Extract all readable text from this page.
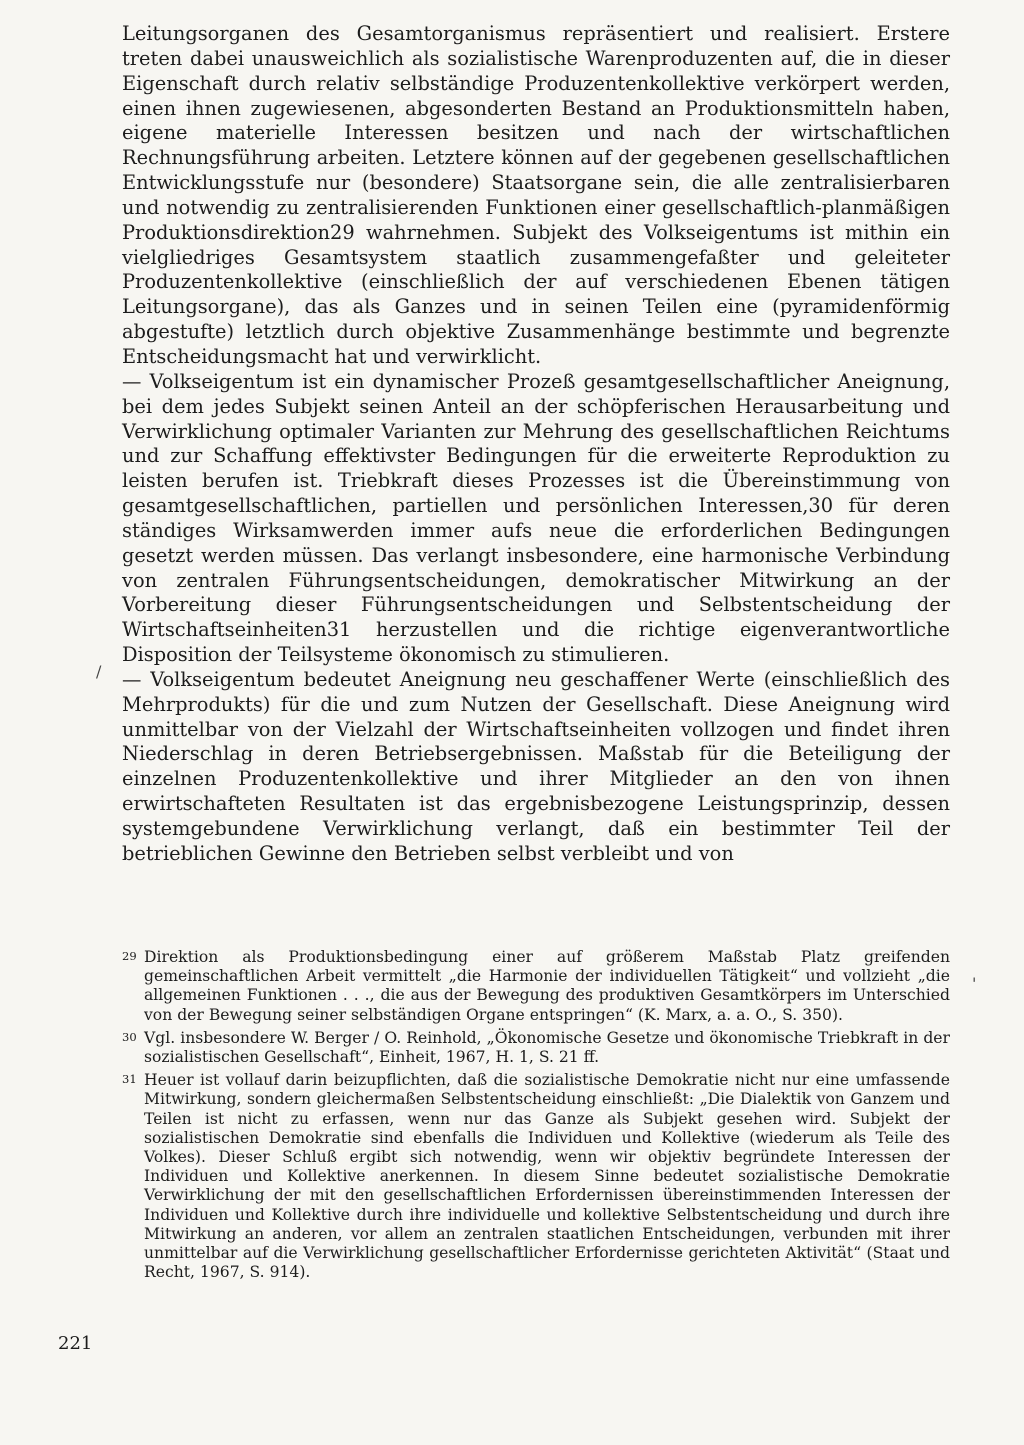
Leitungsorganen des Gesamtorganismus repräsentiert und realisiert. Erstere treten dabei unausweichlich als sozialistische Warenproduzenten auf, die in dieser Eigenschaft durch relativ selbständige Produzentenkollektive verkörpert werden, einen ihnen zugewiesenen, abgesonderten Bestand an Produktionsmitteln haben, eigene materielle Interessen besitzen und nach der wirtschaftlichen Rechnungsführung arbeiten. Letztere können auf der gegebenen gesellschaftlichen Entwicklungsstufe nur (besondere) Staatsorgane sein, die alle zentralisierbaren und notwendig zu zentralisierenden Funktionen einer gesellschaftlich-planmäßigen Produktionsdirektion29 wahrnehmen. Subjekt des Volkseigentums ist mithin ein vielgliedriges Gesamtsystem staatlich zusammengefaßter und geleiteter Produzentenkollektive (einschließlich der auf verschiedenen Ebenen tätigen Leitungsorgane), das als Ganzes und in seinen Teilen eine (pyramidenförmig abgestufte) letztlich durch objektive Zusammenhänge bestimmte und begrenzte Entscheidungsmacht hat und verwirklicht.

— Volkseigentum ist ein dynamischer Prozeß gesamtgesellschaftlicher Aneignung, bei dem jedes Subjekt seinen Anteil an der schöpferischen Herausarbeitung und Verwirklichung optimaler Varianten zur Mehrung des gesellschaftlichen Reichtums und zur Schaffung effektivster Bedingungen für die erweiterte Reproduktion zu leisten berufen ist. Triebkraft dieses Prozesses ist die Übereinstimmung von gesamtgesellschaftlichen, partiellen und persönlichen Interessen,30 für deren ständiges Wirksamwerden immer aufs neue die erforderlichen Bedingungen gesetzt werden müssen. Das verlangt insbesondere, eine harmonische Verbindung von zentralen Führungsentscheidungen, demokratischer Mitwirkung an der Vorbereitung dieser Führungsentscheidungen und Selbstentscheidung der Wirtschaftseinheiten31 herzustellen und die richtige eigenverantwortliche Disposition der Teilsysteme ökonomisch zu stimulieren.

— Volkseigentum bedeutet Aneignung neu geschaffener Werte (einschließlich des Mehrprodukts) für die und zum Nutzen der Gesellschaft. Diese Aneignung wird unmittelbar von der Vielzahl der Wirtschaftseinheiten vollzogen und findet ihren Niederschlag in deren Betriebsergebnissen. Maßstab für die Beteiligung der einzelnen Produzentenkollektive und ihrer Mitglieder an den von ihnen erwirtschafteten Resultaten ist das ergebnisbezogene Leistungsprinzip, dessen systemgebundene Verwirklichung verlangt, daß ein bestimmter Teil der betrieblichen Gewinne den Betrieben selbst verbleibt und von

/
'
29 Direktion als Produktionsbedingung einer auf größerem Maßstab Platz greifenden gemeinschaftlichen Arbeit vermittelt „die Harmonie der individuellen Tätigkeit“ und vollzieht „die allgemeinen Funktionen . . ., die aus der Bewegung des produktiven Gesamtkörpers im Unterschied von der Bewegung seiner selbständigen Organe entspringen“ (K. Marx, a. a. O., S. 350).
30 Vgl. insbesondere W. Berger / O. Reinhold, „Ökonomische Gesetze und ökonomische Triebkraft in der sozialistischen Gesellschaft“, Einheit, 1967, H. 1, S. 21 ff.
31 Heuer ist vollauf darin beizupflichten, daß die sozialistische Demokratie nicht nur eine umfassende Mitwirkung, sondern gleichermaßen Selbstentscheidung einschließt: „Die Dialektik von Ganzem und Teilen ist nicht zu erfassen, wenn nur das Ganze als Subjekt gesehen wird. Subjekt der sozialistischen Demokratie sind ebenfalls die Individuen und Kollektive (wiederum als Teile des Volkes). Dieser Schluß ergibt sich notwendig, wenn wir objektiv begründete Interessen der Individuen und Kollektive anerkennen. In diesem Sinne bedeutet sozialistische Demokratie Verwirklichung der mit den gesellschaftlichen Erfordernissen übereinstimmenden Interessen der Individuen und Kollektive durch ihre individuelle und kollektive Selbstentscheidung und durch ihre Mitwirkung an anderen, vor allem an zentralen staatlichen Entscheidungen, verbunden mit ihrer unmittelbar auf die Verwirklichung gesellschaftlicher Erfordernisse gerichteten Aktivität“ (Staat und Recht, 1967, S. 914).
221
